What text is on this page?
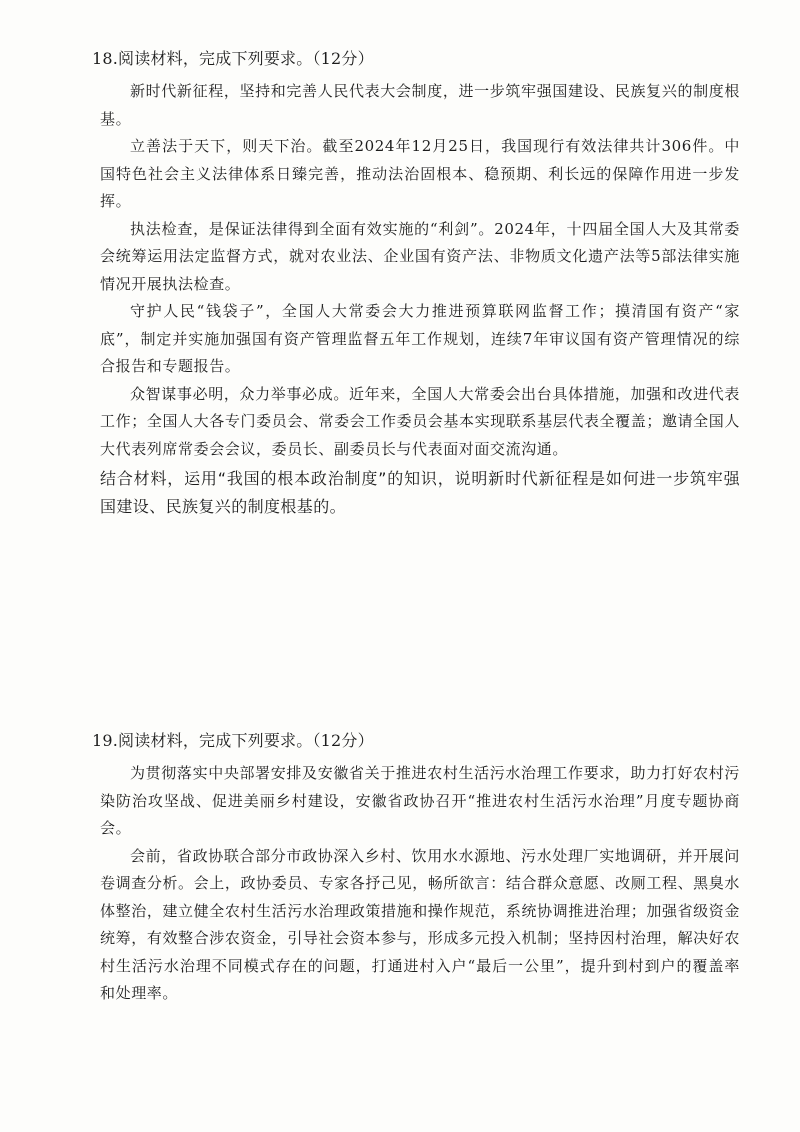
18.阅读材料，完成下列要求。（12分）

新时代新征程，坚持和完善人民代表大会制度，进一步筑牢强国建设、民族复兴的制度根基。

立善法于天下，则天下治。截至2024年12月25日，我国现行有效法律共计306件。中国特色社会主义法律体系日臻完善，推动法治固根本、稳预期、利长远的保障作用进一步发挥。

执法检查，是保证法律得到全面有效实施的“利剑”。2024年，十四届全国人大及其常委会统筹运用法定监督方式，就对农业法、企业国有资产法、非物质文化遗产法等5部法律实施情况开展执法检查。

守护人民“钱袋子”，全国人大常委会大力推进预算联网监督工作；摸清国有资产“家底”，制定并实施加强国有资产管理监督五年工作规划，连续7年审议国有资产管理情况的综合报告和专题报告。

众智谋事必明，众力举事必成。近年来，全国人大常委会出台具体措施，加强和改进代表工作；全国人大各专门委员会、常委会工作委员会基本实现联系基层代表全覆盖；邀请全国人大代表列席常委会会议，委员长、副委员长与代表面对面交流沟通。

结合材料，运用“我国的根本政治制度”的知识，说明新时代新征程是如何进一步筑牢强国建设、民族复兴的制度根基的。

19.阅读材料，完成下列要求。（12分）

为贯彻落实中央部署安排及安徽省关于推进农村生活污水治理工作要求，助力打好农村污染防治攻坚战、促进美丽乡村建设，安徽省政协召开“推进农村生活污水治理”月度专题协商会。

会前，省政协联合部分市政协深入乡村、饮用水水源地、污水处理厂实地调研，并开展问卷调查分析。会上，政协委员、专家各抒己见，畅所欲言：结合群众意愿、改厕工程、黑臭水体整治，建立健全农村生活污水治理政策措施和操作规范，系统协调推进治理；加强省级资金统筹，有效整合涉农资金，引导社会资本参与，形成多元投入机制；坚持因村治理，解决好农村生活污水治理不同模式存在的问题，打通进村入户“最后一公里”，提升到村到户的覆盖率和处理率。
